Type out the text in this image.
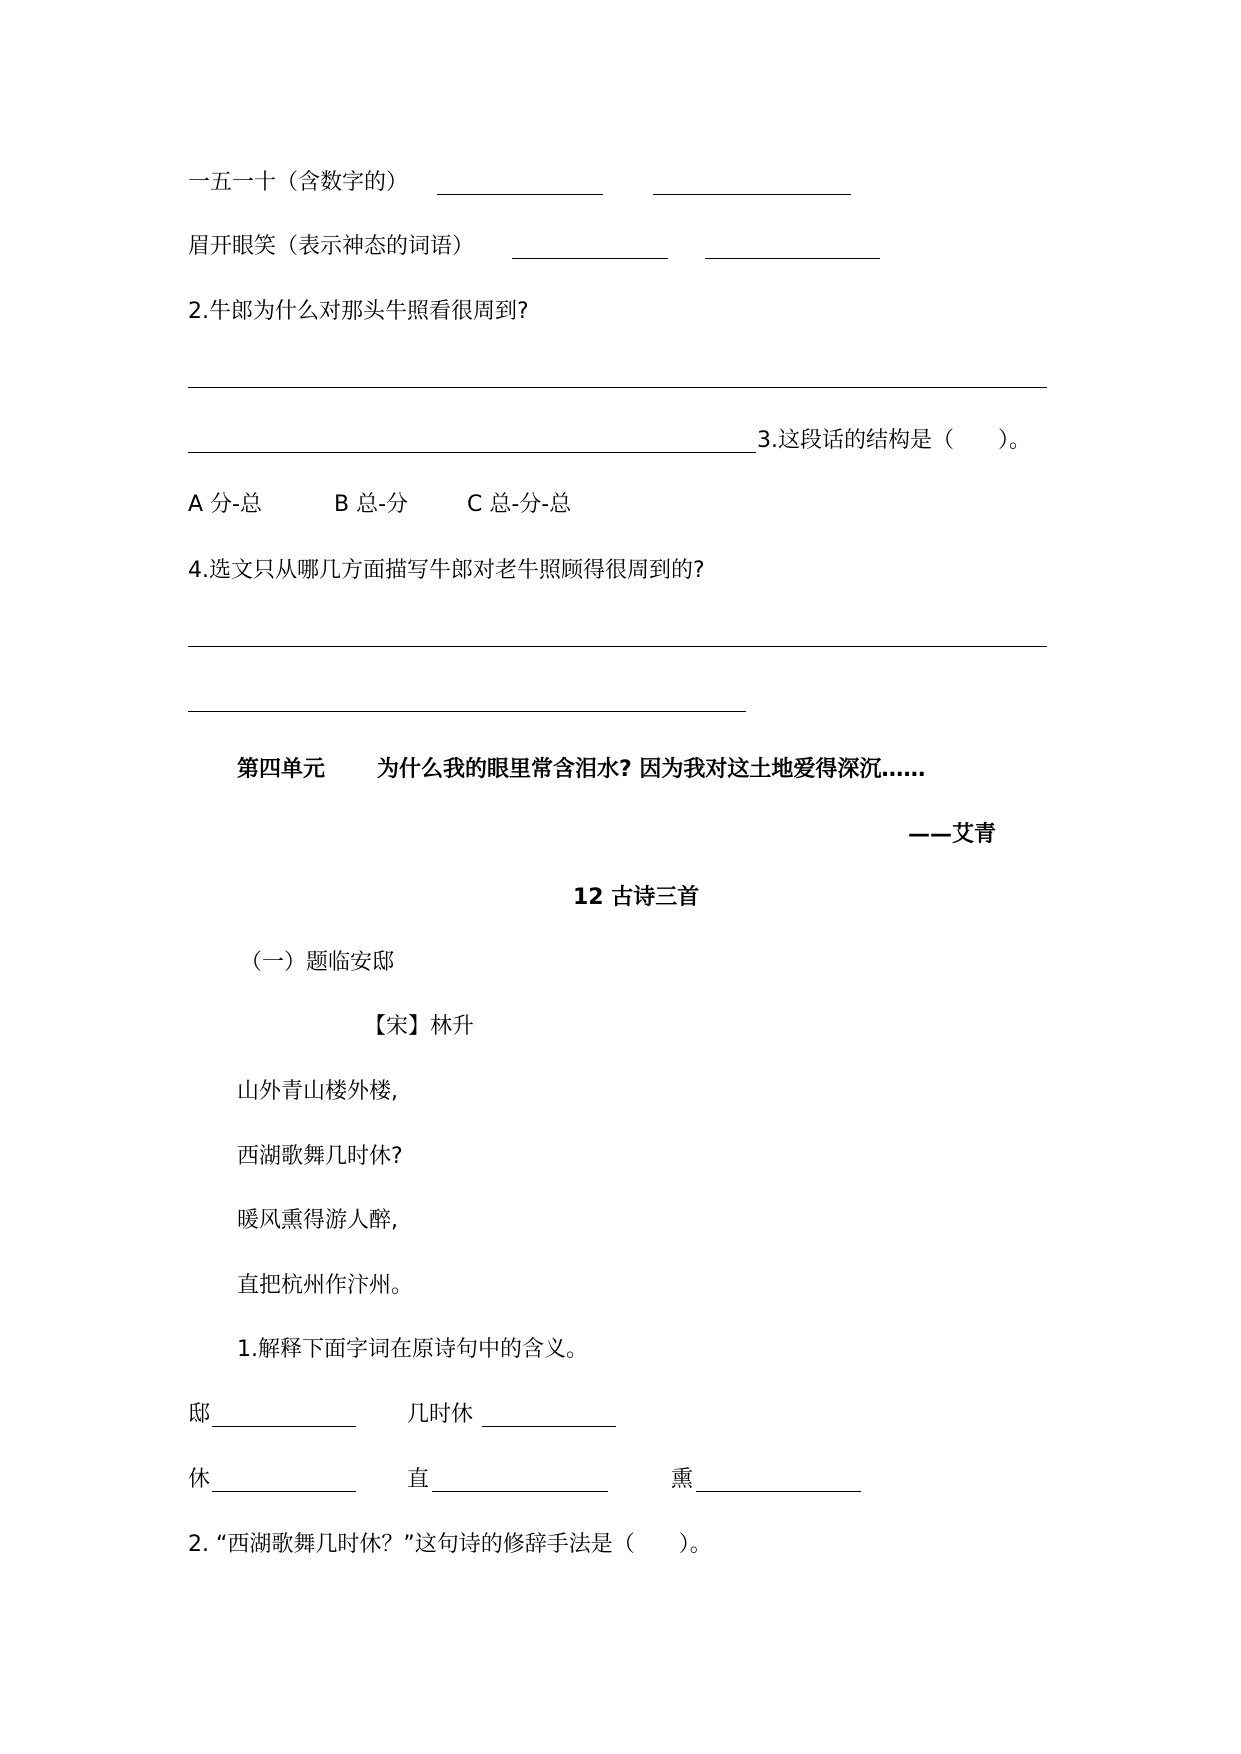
一五一十（含数字的）
眉开眼笑（表示神态的词语）
2.牛郎为什么对那头牛照看很周到?
3.这段话的结构是（　　）。
A 分-总	B 总-分	C 总-分-总
4.选文只从哪几方面描写牛郎对老牛照顾得很周到的?
第四单元 为什么我的眼里常含泪水? 因为我对这土地爱得深沉……
——艾青
12 古诗三首
（一）题临安邸
【宋】林升
山外青山楼外楼,
西湖歌舞几时休?
暖风熏得游人醉,
直把杭州作汴州。
1.解释下面字词在原诗句中的含义。
邸	几时休
休	直	熏
2. “西湖歌舞几时休？”这句诗的修辞手法是（　　）。
